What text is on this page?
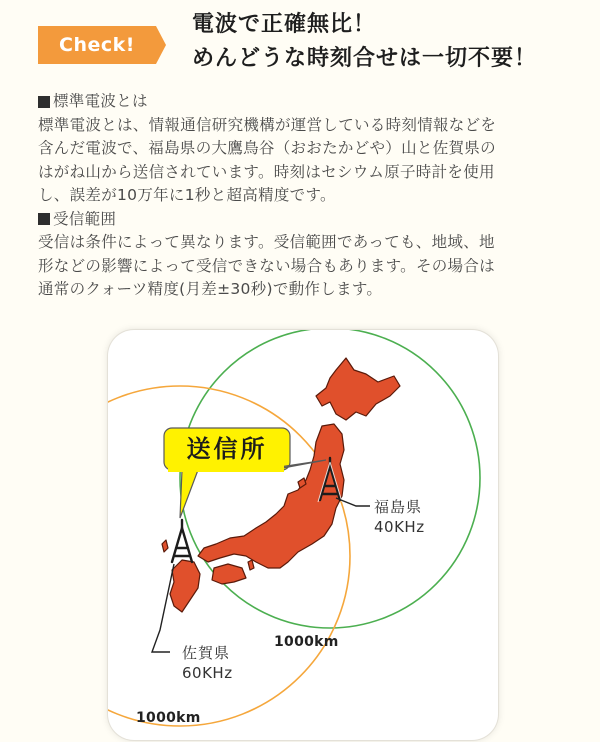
Check!
電波で正確無比！
めんどうな時刻合せは一切不要！

標準電波とは

標準電波とは、情報通信研究機構が運営している時刻情報などを

含んだ電波で、福島県の大鷹鳥谷（おおたかどや）山と佐賀県の

はがね山から送信されています。時刻はセシウム原子時計を使用

し、誤差が10万年に1秒と超高精度です。

受信範囲

受信は条件によって異なります。受信範囲であっても、地域、地

形などの影響によって受信できない場合もあります。その場合は

通常のクォーツ精度(月差±30秒)で動作します。

送信所
福島県
40KHz
佐賀県
60KHz
1000km
1000km
